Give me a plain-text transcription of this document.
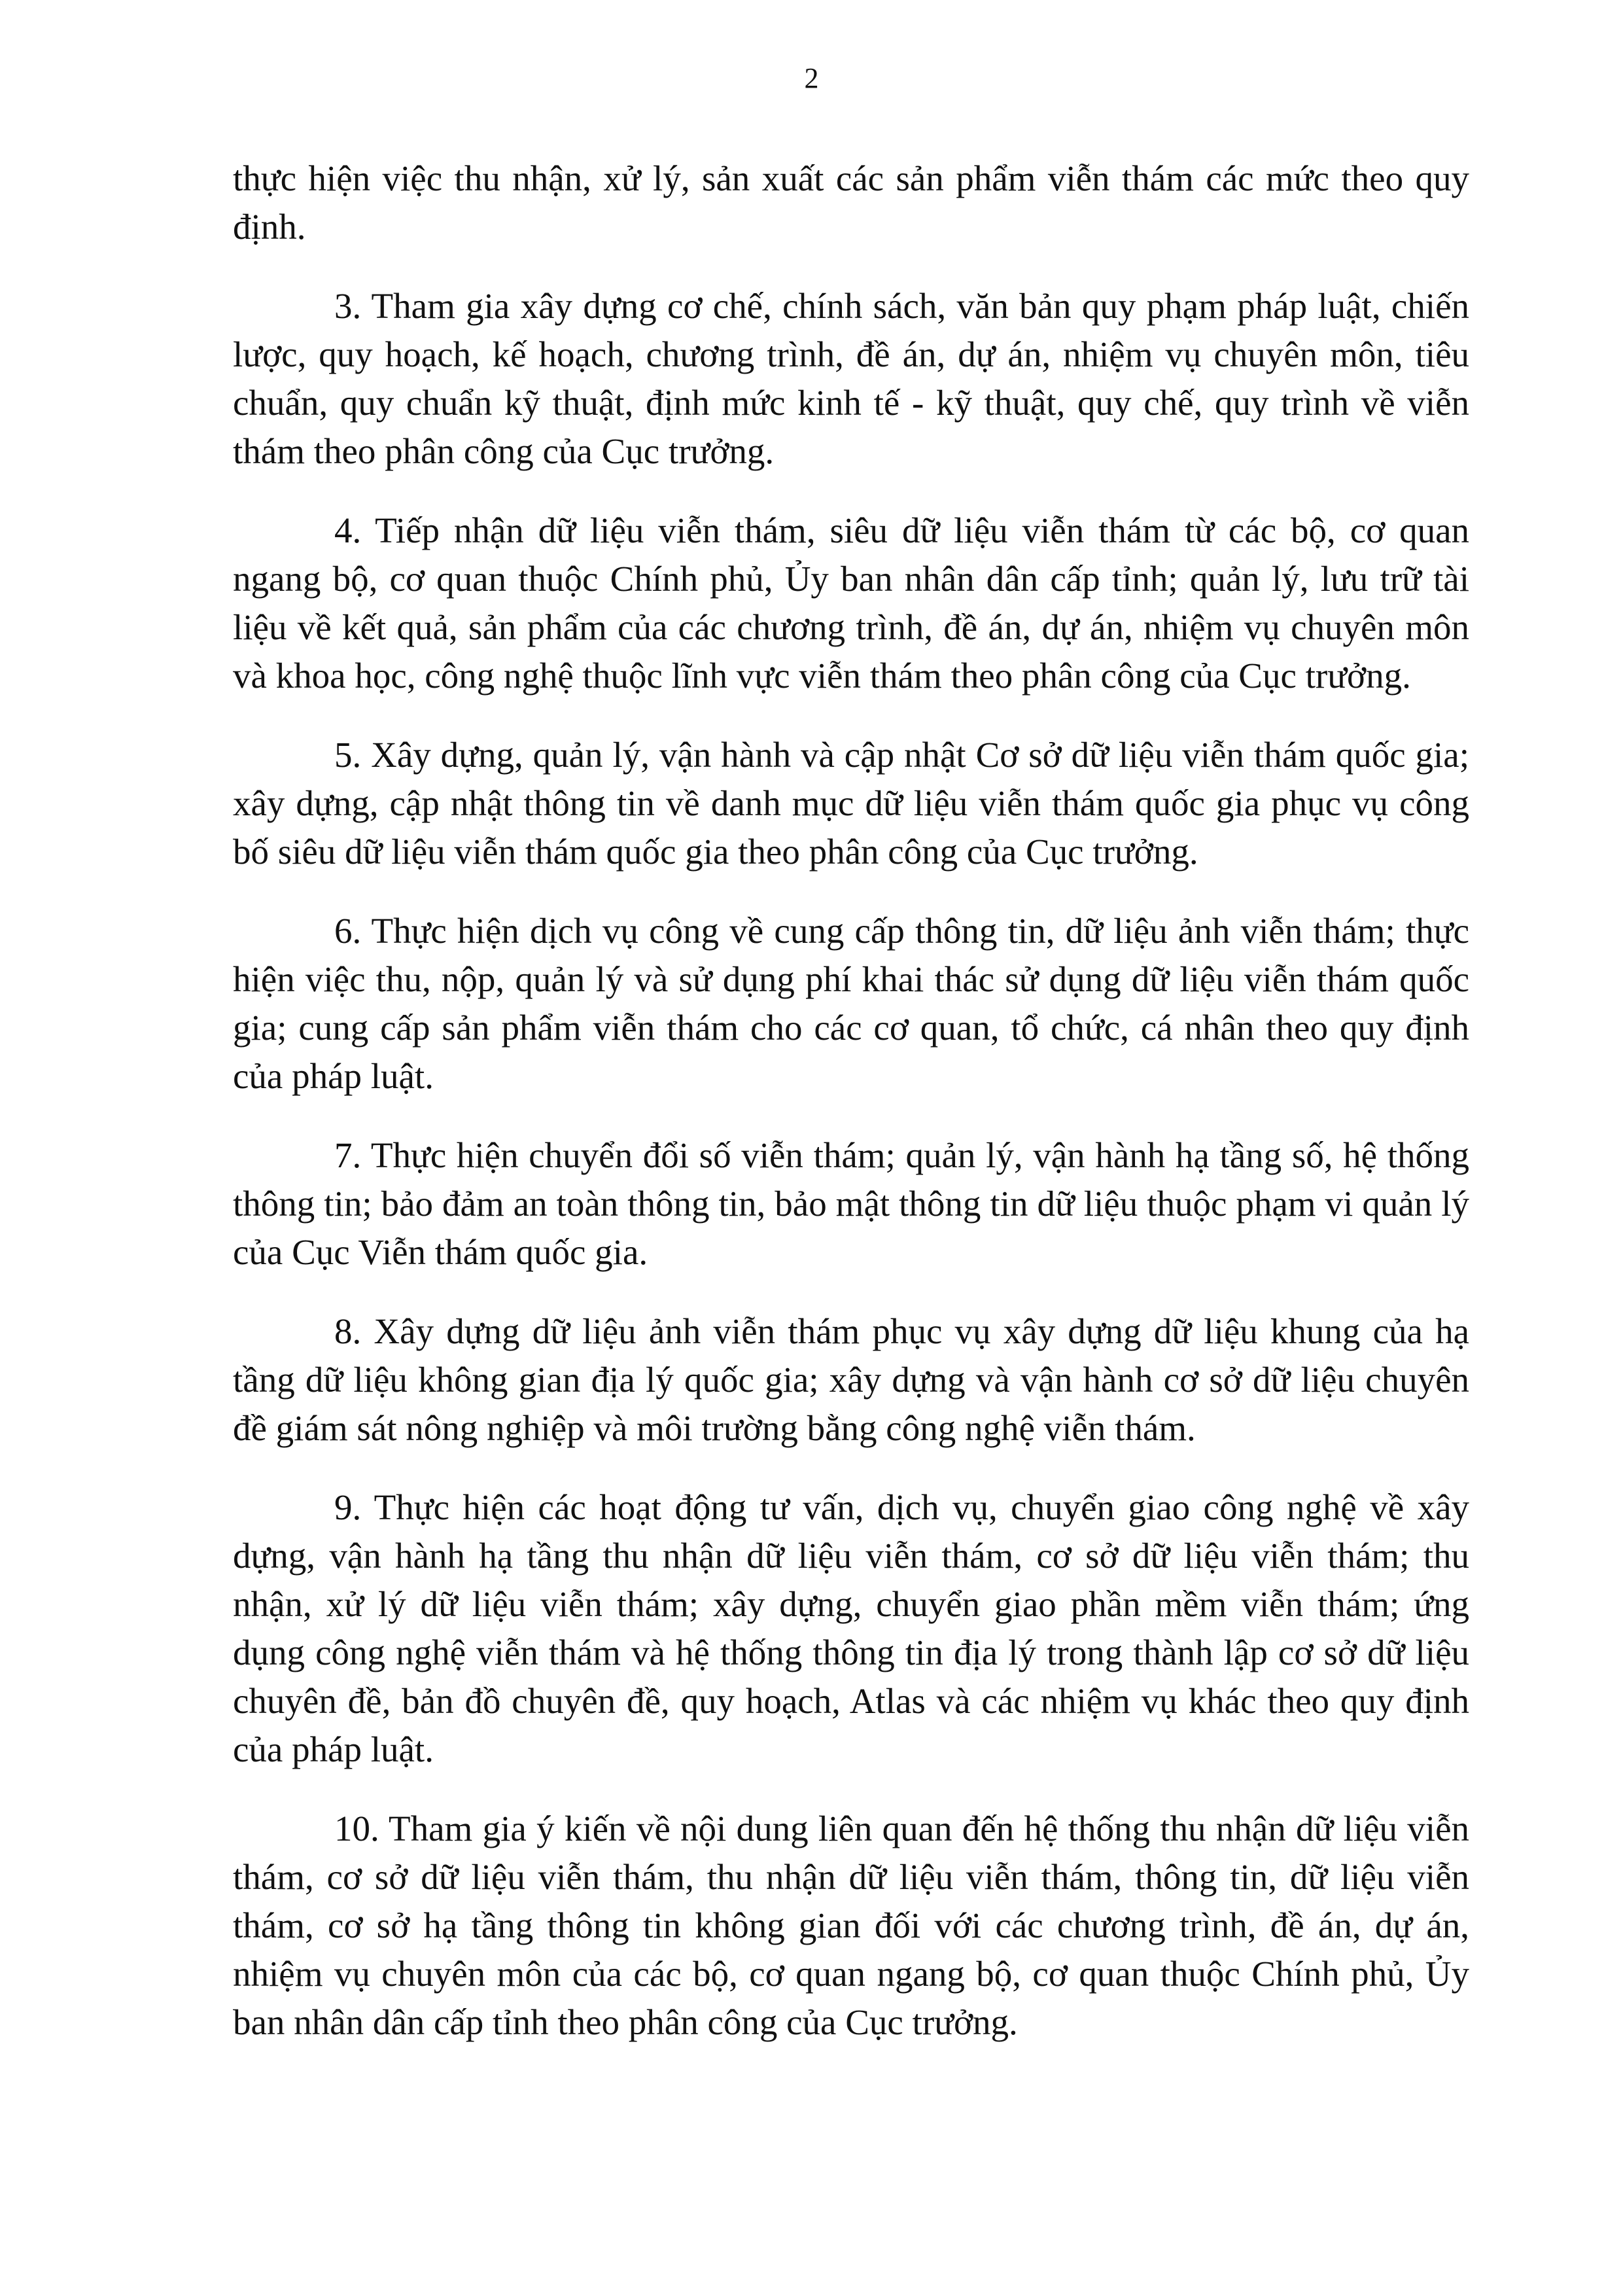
2

thực hiện việc thu nhận, xử lý, sản xuất các sản phẩm viễn thám các mức theo quy định.

3. Tham gia xây dựng cơ chế, chính sách, văn bản quy phạm pháp luật, chiến lược, quy hoạch, kế hoạch, chương trình, đề án, dự án, nhiệm vụ chuyên môn, tiêu chuẩn, quy chuẩn kỹ thuật, định mức kinh tế - kỹ thuật, quy chế, quy trình về viễn thám theo phân công của Cục trưởng.

4. Tiếp nhận dữ liệu viễn thám, siêu dữ liệu viễn thám từ các bộ, cơ quan ngang bộ, cơ quan thuộc Chính phủ, Ủy ban nhân dân cấp tỉnh; quản lý, lưu trữ tài liệu về kết quả, sản phẩm của các chương trình, đề án, dự án, nhiệm vụ chuyên môn và khoa học, công nghệ thuộc lĩnh vực viễn thám theo phân công của Cục trưởng.

5. Xây dựng, quản lý, vận hành và cập nhật Cơ sở dữ liệu viễn thám quốc gia; xây dựng, cập nhật thông tin về danh mục dữ liệu viễn thám quốc gia phục vụ công bố siêu dữ liệu viễn thám quốc gia theo phân công của Cục trưởng.

6. Thực hiện dịch vụ công về cung cấp thông tin, dữ liệu ảnh viễn thám; thực hiện việc thu, nộp, quản lý và sử dụng phí khai thác sử dụng dữ liệu viễn thám quốc gia; cung cấp sản phẩm viễn thám cho các cơ quan, tổ chức, cá nhân theo quy định của pháp luật.

7. Thực hiện chuyển đổi số viễn thám; quản lý, vận hành hạ tầng số, hệ thống thông tin; bảo đảm an toàn thông tin, bảo mật thông tin dữ liệu thuộc phạm vi quản lý của Cục Viễn thám quốc gia.

8. Xây dựng dữ liệu ảnh viễn thám phục vụ xây dựng dữ liệu khung của hạ tầng dữ liệu không gian địa lý quốc gia; xây dựng và vận hành cơ sở dữ liệu chuyên đề giám sát nông nghiệp và môi trường bằng công nghệ viễn thám.

9. Thực hiện các hoạt động tư vấn, dịch vụ, chuyển giao công nghệ về xây dựng, vận hành hạ tầng thu nhận dữ liệu viễn thám, cơ sở dữ liệu viễn thám; thu nhận, xử lý dữ liệu viễn thám; xây dựng, chuyển giao phần mềm viễn thám; ứng dụng công nghệ viễn thám và hệ thống thông tin địa lý trong thành lập cơ sở dữ liệu chuyên đề, bản đồ chuyên đề, quy hoạch, Atlas và các nhiệm vụ khác theo quy định của pháp luật.

10. Tham gia ý kiến về nội dung liên quan đến hệ thống thu nhận dữ liệu viễn thám, cơ sở dữ liệu viễn thám, thu nhận dữ liệu viễn thám, thông tin, dữ liệu viễn thám, cơ sở hạ tầng thông tin không gian đối với các chương trình, đề án, dự án, nhiệm vụ chuyên môn của các bộ, cơ quan ngang bộ, cơ quan thuộc Chính phủ, Ủy ban nhân dân cấp tỉnh theo phân công của Cục trưởng.
